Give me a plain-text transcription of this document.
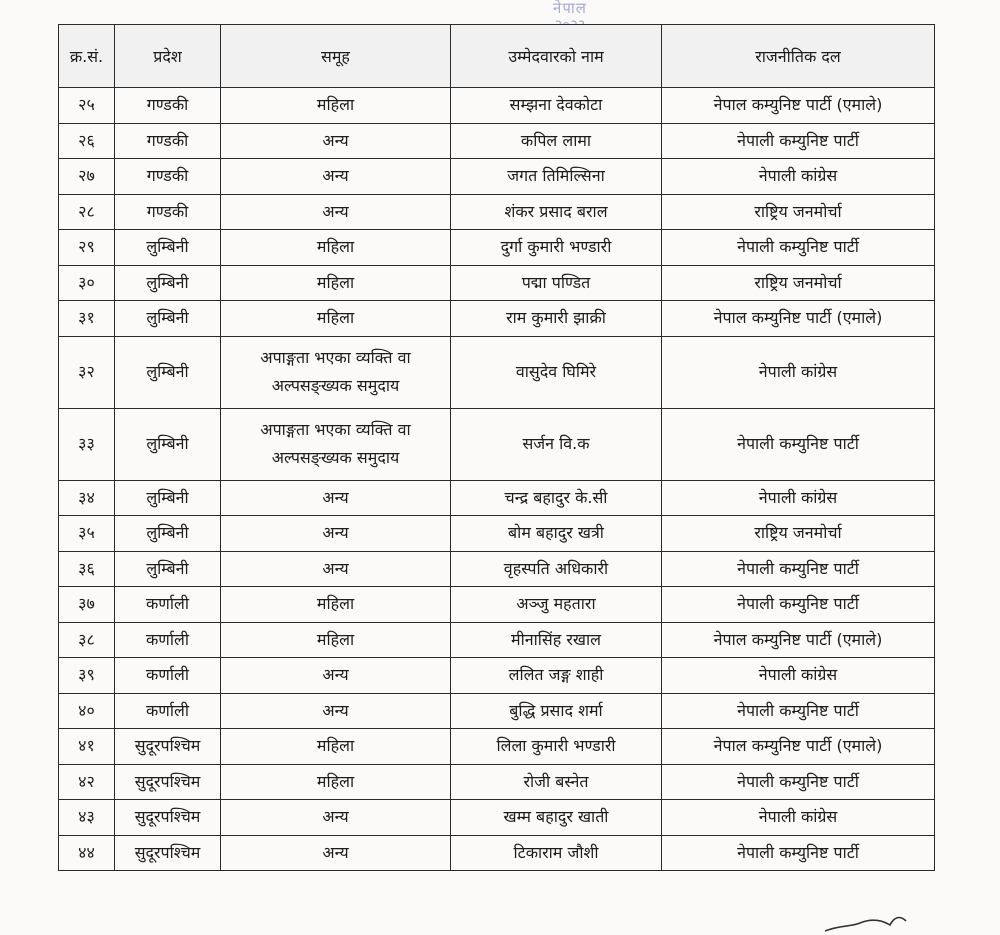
नेपाल
क्र.सं.	प्रदेश	समूह	उम्मेदवारको नाम	राजनीतिक दल
२५	गण्डकी	महिला	सम्झना देवकोटा	नेपाल कम्युनिष्ट पार्टी (एमाले)
२६	गण्डकी	अन्य	कपिल लामा	नेपाली कम्युनिष्ट पार्टी
२७	गण्डकी	अन्य	जगत तिमिल्सिना	नेपाली कांग्रेस
२८	गण्डकी	अन्य	शंकर प्रसाद बराल	राष्ट्रिय जनमोर्चा
२९	लुम्बिनी	महिला	दुर्गा कुमारी भण्डारी	नेपाली कम्युनिष्ट पार्टी
३०	लुम्बिनी	महिला	पद्मा पण्डित	राष्ट्रिय जनमोर्चा
३१	लुम्बिनी	महिला	राम कुमारी झाक्री	नेपाल कम्युनिष्ट पार्टी (एमाले)
३२	लुम्बिनी	अपाङ्गता भएका व्यक्ति वा अल्पसङ्ख्यक समुदाय	वासुदेव घिमिरे	नेपाली कांग्रेस
३३	लुम्बिनी	अपाङ्गता भएका व्यक्ति वा अल्पसङ्ख्यक समुदाय	सर्जन वि.क	नेपाली कम्युनिष्ट पार्टी
३४	लुम्बिनी	अन्य	चन्द्र बहादुर के.सी	नेपाली कांग्रेस
३५	लुम्बिनी	अन्य	बोम बहादुर खत्री	राष्ट्रिय जनमोर्चा
३६	लुम्बिनी	अन्य	वृहस्पति अधिकारी	नेपाली कम्युनिष्ट पार्टी
३७	कर्णाली	महिला	अञ्जु महतारा	नेपाली कम्युनिष्ट पार्टी
३८	कर्णाली	महिला	मीनासिंह रखाल	नेपाल कम्युनिष्ट पार्टी (एमाले)
३९	कर्णाली	अन्य	ललित जङ्ग शाही	नेपाली कांग्रेस
४०	कर्णाली	अन्य	बुद्धि प्रसाद शर्मा	नेपाली कम्युनिष्ट पार्टी
४१	सुदूरपश्चिम	महिला	लिला कुमारी भण्डारी	नेपाल कम्युनिष्ट पार्टी (एमाले)
४२	सुदूरपश्चिम	महिला	रोजी बस्नेत	नेपाली कम्युनिष्ट पार्टी
४३	सुदूरपश्चिम	अन्य	खम्म बहादुर खाती	नेपाली कांग्रेस
४४	सुदूरपश्चिम	अन्य	टिकाराम जौशी	नेपाली कम्युनिष्ट पार्टी
